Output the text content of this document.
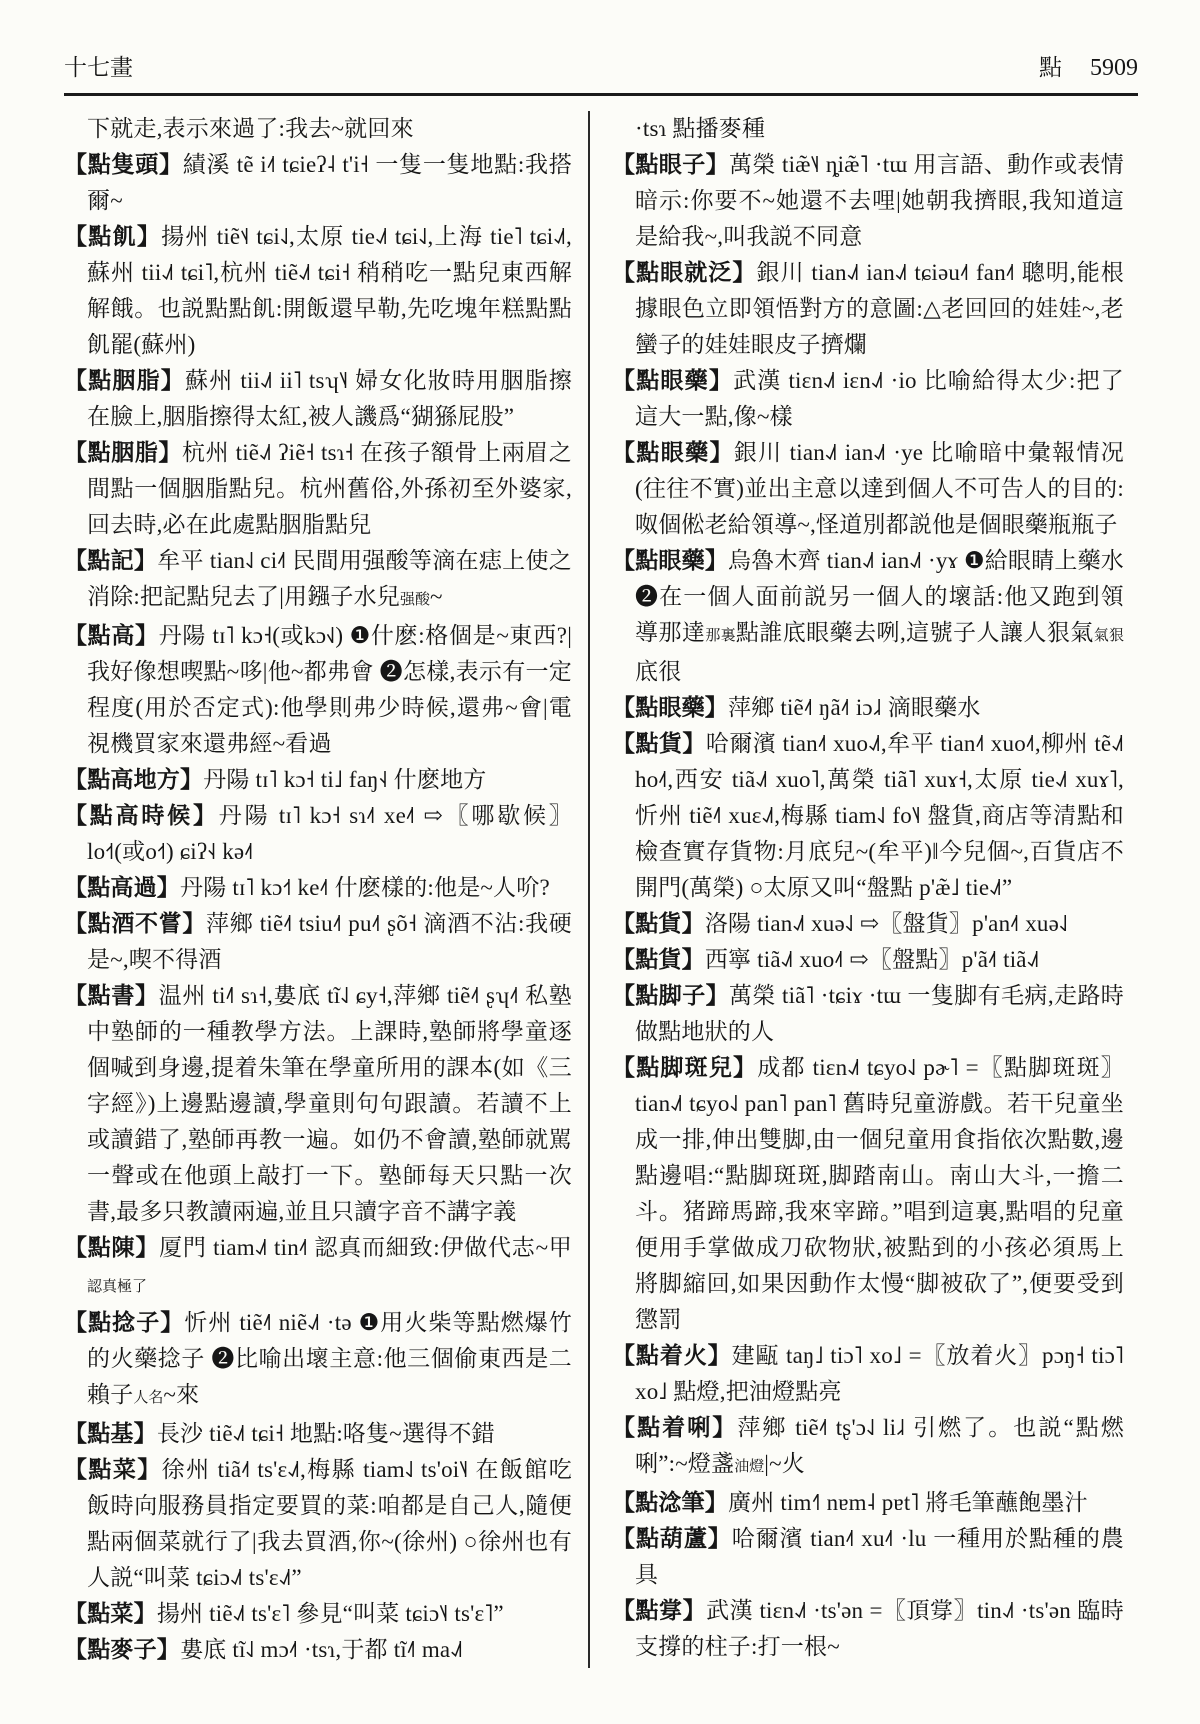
十七畫	點 5909

下就走,表示來過了:我去~就回來

【點隻頭】績溪 tẽ i˨˦ tɕieʔ˨ t'i˧ 一隻一隻地點:我搭爾~

【點飢】揚州 tiẽ˦˨ tɕi˨˩,太原 tie˨˩˦ tɕi˨˩,上海 tie˥ tɕi˨˩˦,蘇州 tii˨˩˦ tɕi˥,杭州 tiẽ˨˩˦ tɕi˧ 稍稍吃一點兒東西解解餓。也説點點飢:開飯還早勒,先吃塊年糕點點飢罷(蘇州)

【點胭脂】蘇州 tii˨˩˦ ii˥ tsʮ˥˨ 婦女化妝時用胭脂擦在臉上,胭脂擦得太紅,被人譏爲“猢猻屁股”

【點胭脂】杭州 tiẽ˨˩˦ ʔiẽ˧ tsɿ˧ 在孩子額骨上兩眉之間點一個胭脂點兒。杭州舊俗,外孫初至外婆家,回去時,必在此處點胭脂點兒

【點記】牟平 tian˨˩ ci˨˦ 民間用强酸等滴在痣上使之消除:把記點兒去了|用鏹子水兒强酸~

【點高】丹陽 tɪ˥ kɔ˧(或kɔ˧˩) ❶什麽:格個是~東西?|我好像想喫點~哆|他~都弗會 ❷怎樣,表示有一定程度(用於否定式):他學則弗少時候,還弗~會|電視機買家來還弗經~看過

【點高地方】丹陽 tɪ˥ kɔ˧ ti˩ faŋ˧˨ 什麽地方

【點高時候】丹陽 tɪ˥ kɔ˧ sɿ˨˦ xe˨˦ ⇨〖哪歇候〗lo˧˦(或o˧˦) ɕiʔ˧˨ kə˨˦

【點高過】丹陽 tɪ˥ kɔ˧˦ ke˨˦ 什麽樣的:他是~人吤?

【點酒不嘗】萍鄉 tiẽ˨˦ tsiu˨˦ pu˨˦ ʂõ˧ 滴酒不沾:我硬是~,喫不得酒

【點書】温州 ti˨˥ sɿ˧,婁底 tĩ˨˩ ɕy˧,萍鄉 tiẽ˨˦ ʂʮ˨˦ 私塾中塾師的一種教學方法。上課時,塾師將學童逐個喊到身邊,提着朱筆在學童所用的課本(如《三字經》)上邊點邊讀,學童則句句跟讀。若讀不上或讀錯了,塾師再教一遍。如仍不會讀,塾師就駡一聲或在他頭上敲打一下。塾師每天只點一次書,最多只教讀兩遍,並且只讀字音不講字義

【點陳】厦門 tiam˨˩˦ tin˨˦ 認真而細致:伊做代志~甲認真極了

【點捻子】忻州 tiẽ˨˥ niẽ˨˩˦ ·tə ❶用火柴等點燃爆竹的火藥捻子 ❷比喻出壞主意:他三個偷東西是二賴子人名~來

【點基】長沙 tiẽ˨˩˦ tɕi˧ 地點:咯隻~選得不錯

【點菜】徐州 tiã˨˦ ts'ɛ˨˩˦,梅縣 tiam˨˩ ts'oi˥˨ 在飯館吃飯時向服務員指定要買的菜:咱都是自己人,隨便點兩個菜就行了|我去買酒,你~(徐州) ○徐州也有人説“叫菜 tɕiɔ˨˩˦ ts'ɛ˨˩˦”

【點菜】揚州 tiẽ˨˩˦ ts'ɛ˥ 參見“叫菜 tɕiɔ˥˨ ts'ɛ˥”

【點麥子】婁底 tĩ˨˩ mɔ˨˦ ·tsɿ,于都 tĩ˨˥ ma˨˩˦

·tsɿ 點播麥種

【點眼子】萬榮 tiæ̃˥˨ ȵiæ̃˥ ·tɯ 用言語、動作或表情暗示:你要不~她還不去哩|她朝我擠眼,我知道這是給我~,叫我説不同意

【點眼就泛】銀川 tian˨˩˦ ian˨˩˦ tɕiəu˨˦ fan˨˦ 聰明,能根據眼色立即領悟對方的意圖:△老回回的娃娃~,老蠻子的娃娃眼皮子擠爛

【點眼藥】武漢 tiɛn˨˩˦ iɛn˨˩˦ ·io 比喻給得太少:把了這大一點,像~樣

【點眼藥】銀川 tian˨˩˦ ian˨˩˦ ·ye 比喻暗中彙報情况(往往不實)並出主意以達到個人不可告人的目的:呶個倯老給領導~,怪道別都説他是個眼藥瓶瓶子

【點眼藥】烏魯木齊 tian˨˩˦ ian˨˩˦ ·yɤ ❶給眼睛上藥水 ❷在一個人面前説另一個人的壞話:他又跑到領導那達那裏點誰底眼藥去咧,這號子人讓人狠氣氣狠底很

【點眼藥】萍鄉 tiẽ˨˦ ŋã˨˦ iɔ˩˨ 滴眼藥水

【點貨】哈爾濱 tian˨˦ xuo˨˩˦,牟平 tian˨˦ xuo˨˦,柳州 tẽ˨˩˦ ho˨˦,西安 tiã˨˩˦ xuo˥,萬榮 tiã˥ xuɤ˧,太原 tie˨˩˦ xuɤ˥,忻州 tiẽ˨˥ xuɛ˨˩˦,梅縣 tiam˨˩ fo˥˨ 盤貨,商店等清點和檢查實存貨物:月底兒~(牟平)‖今兒個~,百貨店不開門(萬榮) ○太原又叫“盤點 p'æ̃˩ tie˨˩˦”

【點貨】洛陽 tian˨˩˦ xuə˨˩ ⇨〖盤貨〗p'an˨˦ xuə˨˩

【點貨】西寧 tiã˨˩˦ xuo˨˦ ⇨〖盤點〗p'ã˨˦ tiã˨˩˦

【點脚子】萬榮 tiã˥ ·tɕiɤ ·tɯ 一隻脚有毛病,走路時做點地狀的人

【點脚斑兒】成都 tiɛn˨˩˦ tɕyo˨˩ pɚ˥ =〖點脚斑斑〗tian˨˩˦ tɕyo˨˩ pan˥ pan˥ 舊時兒童游戲。若干兒童坐成一排,伸出雙脚,由一個兒童用食指依次點數,邊點邊唱:“點脚斑斑,脚踏南山。南山大斗,一擔二斗。猪蹄馬蹄,我來宰蹄。”唱到這裏,點唱的兒童便用手掌做成刀砍物狀,被點到的小孩必須馬上將脚縮回,如果因動作太慢“脚被砍了”,便要受到懲罰

【點着火】建甌 taŋ˩ tiɔ˥ xo˩ =〖放着火〗pɔŋ˧ tiɔ˥ xo˩ 點燈,把油燈點亮

【點着唎】萍鄉 tiẽ˨˦ tʂ'ɔ˨˩ li˩˨ 引燃了。也説“點燃唎”:~燈盞油燈|~火

【點淰筆】廣州 tim˧˥ nɐm˨ pɐt˥ 將毛筆蘸飽墨汁

【點葫蘆】哈爾濱 tian˨˦ xu˨˦ ·lu 一種用於點種的農具

【點牚】武漢 tiɛn˨˩˦ ·ts'ən =〖頂牚〗tin˨˩˦ ·ts'ən 臨時支撐的柱子:打一根~
